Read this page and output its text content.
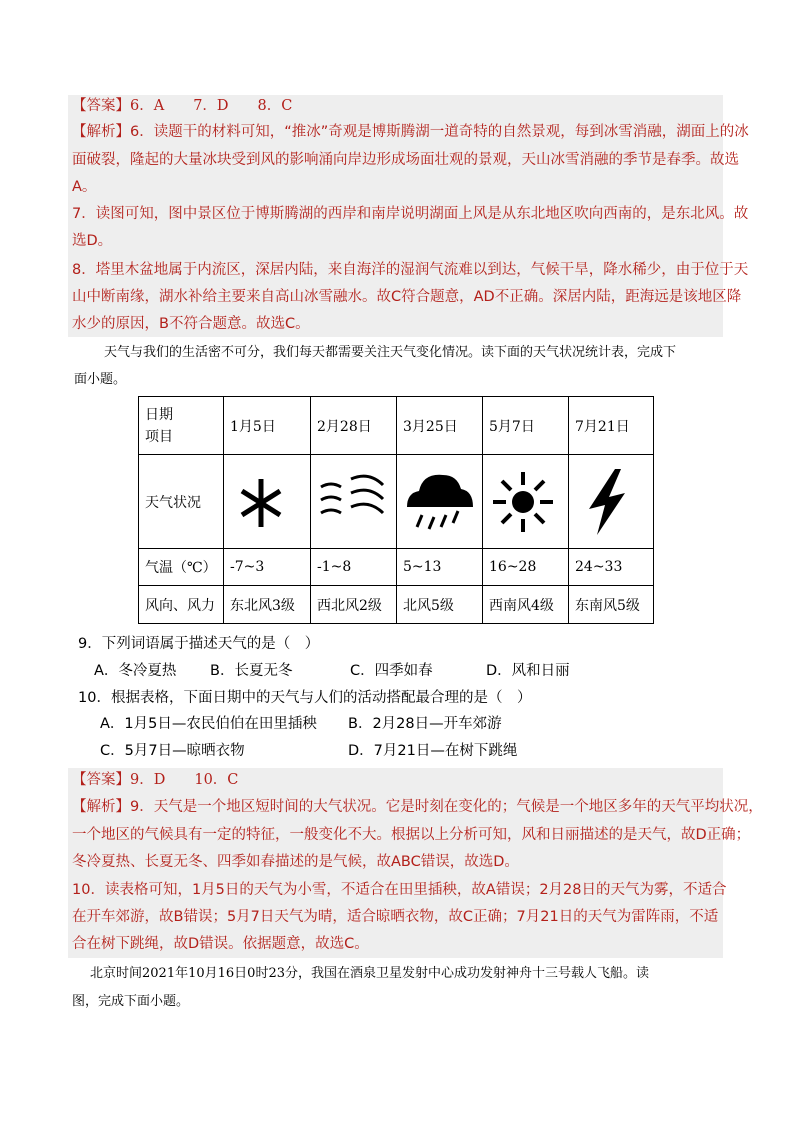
【答案】6．A　　7．D　　8．C
【解析】6．读题干的材料可知，“推冰”奇观是博斯腾湖一道奇特的自然景观，每到冰雪消融，湖面上的冰
面破裂，隆起的大量冰块受到风的影响涌向岸边形成场面壮观的景观，天山冰雪消融的季节是春季。故选
A。
7．读图可知，图中景区位于博斯腾湖的西岸和南岸说明湖面上风是从东北地区吹向西南的，是东北风。故
选D。
8．塔里木盆地属于内流区，深居内陆，来自海洋的湿润气流难以到达，气候干旱，降水稀少，由于位于天
山中断南缘，湖水补给主要来自高山冰雪融水。故C符合题意，AD不正确。深居内陆，距海远是该地区降
水少的原因，B不符合题意。故选C。
天气与我们的生活密不可分，我们每天都需要关注天气变化情况。读下面的天气状况统计表，完成下
面小题。
日期
项目	1月5日	2月28日	3月25日	5月7日	7月21日
天气状况	

气温（℃）	-7~3	-1~8	5~13	16~28	24~33
风向、风力	东北风3级	西北风2级	北风5级	西南风4级	东南风5级
9．下列词语属于描述天气的是（　）
A．冬冷夏热 B．长夏无冬	C．四季如春	D．风和日丽
10．根据表格，下面日期中的天气与人们的活动搭配最合理的是（　）
A．1月5日—农民伯伯在田里插秧 B．2月28日—开车郊游
C．5月7日—晾晒衣物	D．7月21日—在树下跳绳
【答案】9．D　　10．C
【解析】9．天气是一个地区短时间的大气状况。它是时刻在变化的；气候是一个地区多年的天气平均状况，
一个地区的气候具有一定的特征，一般变化不大。根据以上分析可知，风和日丽描述的是天气，故D正确；
冬冷夏热、长夏无冬、四季如春描述的是气候，故ABC错误，故选D。
10．读表格可知，1月5日的天气为小雪，不适合在田里插秧，故A错误；2月28日的天气为雾，不适合
在开车郊游，故B错误；5月7日天气为晴，适合晾晒衣物，故C正确；7月21日的天气为雷阵雨，不适
合在树下跳绳，故D错误。依据题意，故选C。
北京时间2021年10月16日0时23分，我国在酒泉卫星发射中心成功发射神舟十三号载人飞船。读
图，完成下面小题。
